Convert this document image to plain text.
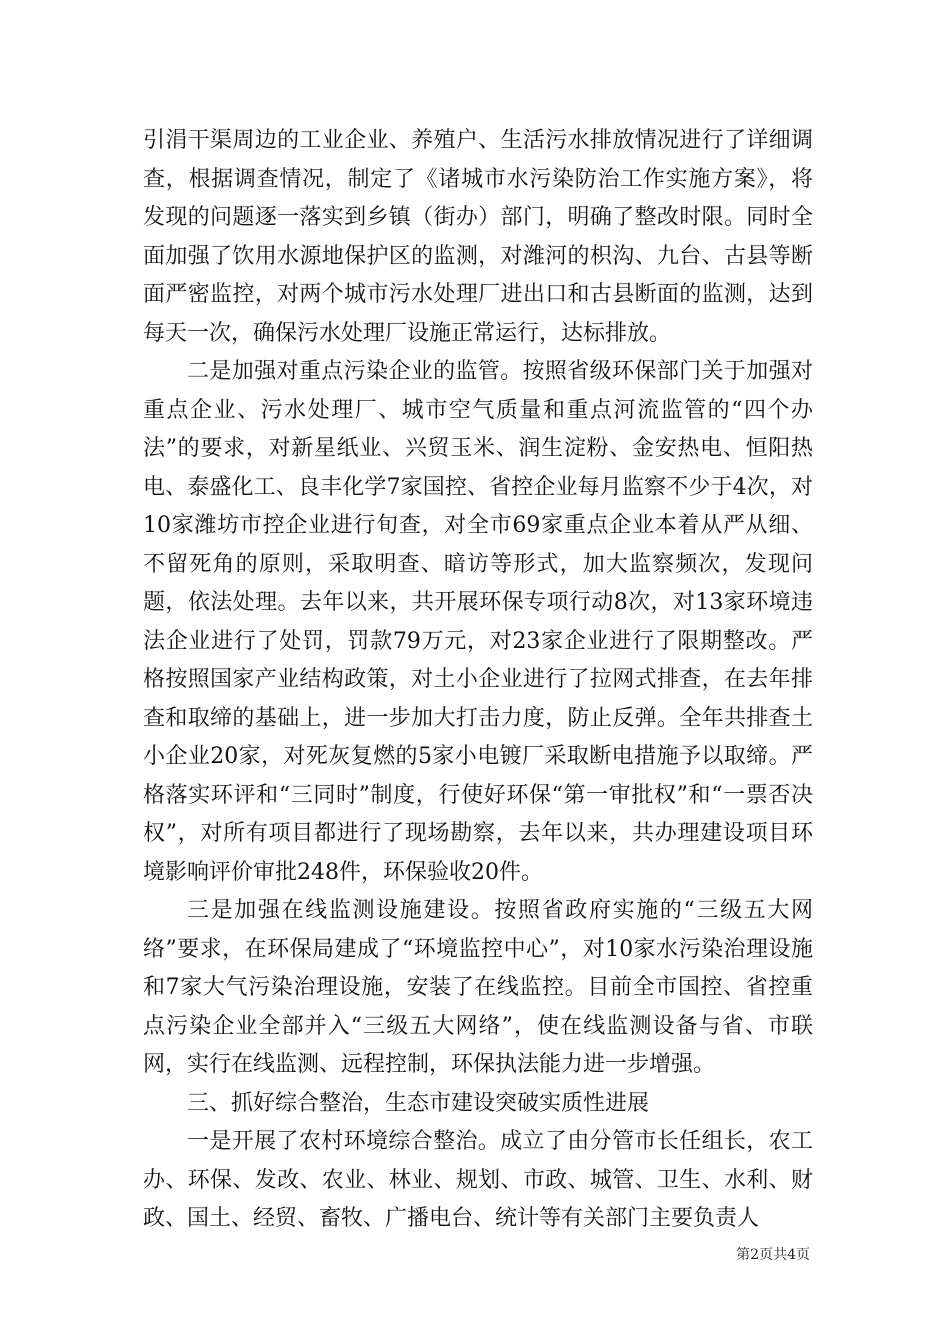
引涓干渠周边的工业企业、养殖户、生活污水排放情况进行了详细调查，根据调查情况，制定了《诸城市水污染防治工作实施方案》，将发现的问题逐一落实到乡镇（街办）部门，明确了整改时限。同时全面加强了饮用水源地保护区的监测，对潍河的枳沟、九台、古县等断面严密监控，对两个城市污水处理厂进出口和古县断面的监测，达到每天一次，确保污水处理厂设施正常运行，达标排放。

二是加强对重点污染企业的监管。按照省级环保部门关于加强对重点企业、污水处理厂、城市空气质量和重点河流监管的“四个办法”的要求，对新星纸业、兴贸玉米、润生淀粉、金安热电、恒阳热电、泰盛化工、良丰化学7家国控、省控企业每月监察不少于4次，对10家潍坊市控企业进行旬查，对全市69家重点企业本着从严从细、不留死角的原则，采取明查、暗访等形式，加大监察频次，发现问题，依法处理。去年以来，共开展环保专项行动8次，对13家环境违法企业进行了处罚，罚款79万元，对23家企业进行了限期整改。严格按照国家产业结构政策，对土小企业进行了拉网式排查，在去年排查和取缔的基础上，进一步加大打击力度，防止反弹。全年共排查土小企业20家，对死灰复燃的5家小电镀厂采取断电措施予以取缔。严格落实环评和“三同时”制度，行使好环保“第一审批权”和“一票否决权”，对所有项目都进行了现场勘察，去年以来，共办理建设项目环境影响评价审批248件，环保验收20件。

三是加强在线监测设施建设。按照省政府实施的“三级五大网络”要求，在环保局建成了“环境监控中心”，对10家水污染治理设施和7家大气污染治理设施，安装了在线监控。目前全市国控、省控重点污染企业全部并入“三级五大网络”，使在线监测设备与省、市联网，实行在线监测、远程控制，环保执法能力进一步增强。

三、抓好综合整治，生态市建设突破实质性进展

一是开展了农村环境综合整治。成立了由分管市长任组长，农工办、环保、发改、农业、林业、规划、市政、城管、卫生、水利、财政、国土、经贸、畜牧、广播电台、统计等有关部门主要负责人

第2页共4页
